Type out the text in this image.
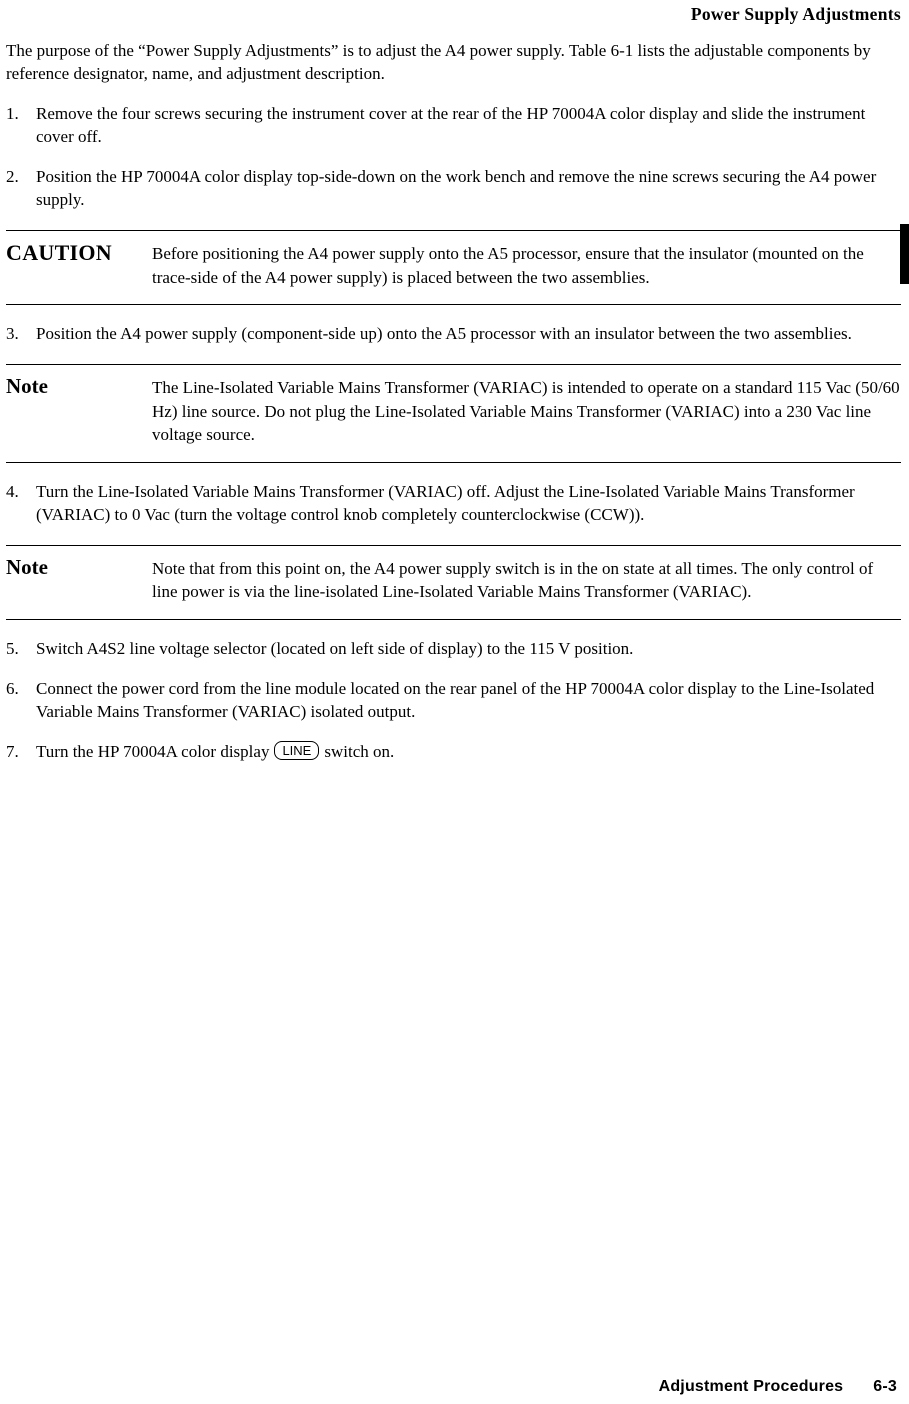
Power Supply Adjustments

The purpose of the “Power Supply Adjustments” is to adjust the A4 power supply. Table 6-1 lists the adjustable components by reference designator, name, and adjustment description.

1.	Remove the four screws securing the instrument cover at the rear of the HP 70004A color display and slide the instrument cover off.
2.	Position the HP 70004A color display top-side-down on the work bench and remove the nine screws securing the A4 power supply.
CAUTION	Before positioning the A4 power supply onto the A5 processor, ensure that the insulator (mounted on the trace-side of the A4 power supply) is placed between the two assemblies.
3.	Position the A4 power supply (component-side up) onto the A5 processor with an insulator between the two assemblies.
Note	The Line-Isolated Variable Mains Transformer (VARIAC) is intended to operate on a standard 115 Vac (50/60 Hz) line source. Do not plug the Line-Isolated Variable Mains Transformer (VARIAC) into a 230 Vac line voltage source.
4.	Turn the Line-Isolated Variable Mains Transformer (VARIAC) off. Adjust the Line-Isolated Variable Mains Transformer (VARIAC) to 0 Vac (turn the voltage control knob completely counterclockwise (CCW)).
Note	Note that from this point on, the A4 power supply switch is in the on state at all times. The only control of line power is via the line-isolated Line-Isolated Variable Mains Transformer (VARIAC).
5.	Switch A4S2 line voltage selector (located on left side of display) to the 115 V position.
6.	Connect the power cord from the line module located on the rear panel of the HP 70004A color display to the Line-Isolated Variable Mains Transformer (VARIAC) isolated output.
7.	Turn the HP 70004A color display LINE switch on.
Adjustment Procedures 6-3
